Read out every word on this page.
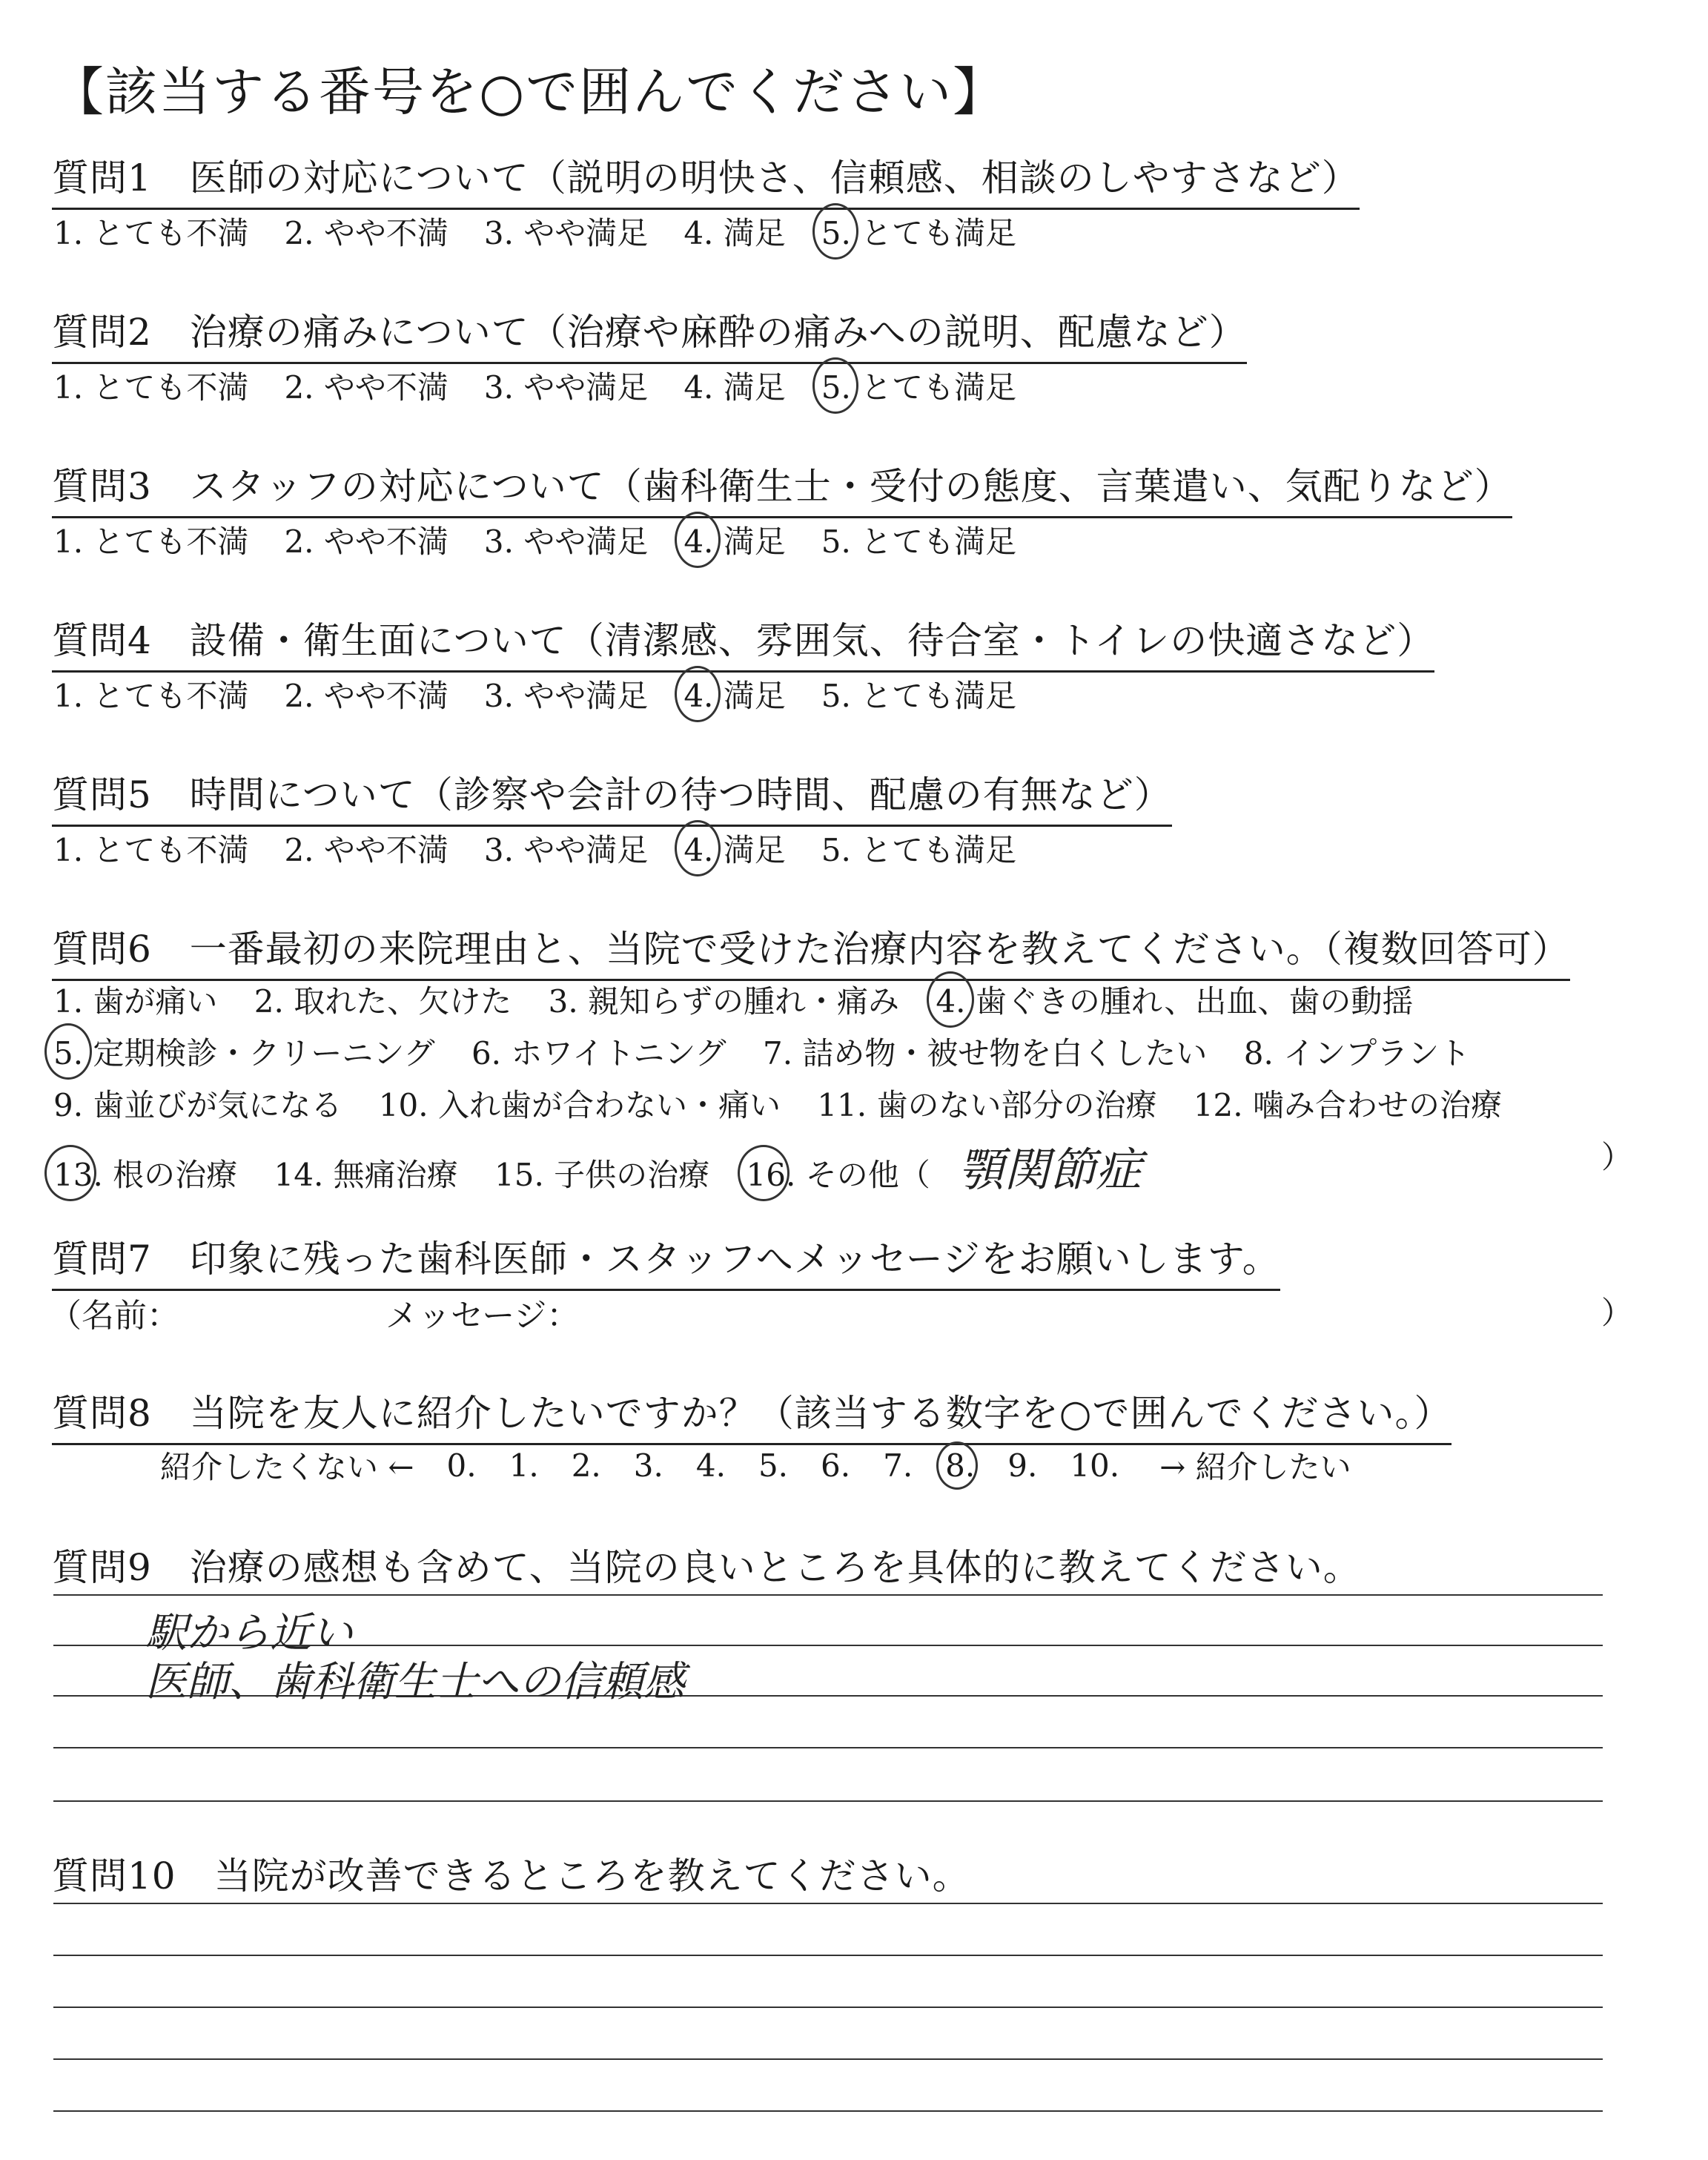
【該当する番号を○で囲んでください】
質問1　医師の対応について（説明の明快さ、信頼感、相談のしやすさなど）
1. とても不満 2. やや不満 3. やや満足 4. 満足 5. とても満足
質問2　治療の痛みについて（治療や麻酔の痛みへの説明、配慮など）
1. とても不満 2. やや不満 3. やや満足 4. 満足 5. とても満足
質問3　スタッフの対応について（歯科衛生士・受付の態度、言葉遣い、気配りなど）
1. とても不満 2. やや不満 3. やや満足 4. 満足 5. とても満足
質問4　設備・衛生面について（清潔感、雰囲気、待合室・トイレの快適さなど）
1. とても不満 2. やや不満 3. やや満足 4. 満足 5. とても満足
質問5　時間について（診察や会計の待つ時間、配慮の有無など）
1. とても不満 2. やや不満 3. やや満足 4. 満足 5. とても満足
質問6　一番最初の来院理由と、当院で受けた治療内容を教えてください。（複数回答可）
1. 歯が痛い 2. 取れた、欠けた 3. 親知らずの腫れ・痛み 4. 歯ぐきの腫れ、出血、歯の動揺
5. 定期検診・クリーニング 6. ホワイトニング 7. 詰め物・被せ物を白くしたい 8. インプラント
9. 歯並びが気になる 10. 入れ歯が合わない・痛い 11. 歯のない部分の治療 12. 噛み合わせの治療
13. 根の治療 14. 無痛治療 15. 子供の治療 16. その他（ 顎関節症	）
質問7　印象に残った歯科医師・スタッフへメッセージをお願いします。
（名前：	メッセージ：	）
質問8　当院を友人に紹介したいですか？（該当する数字を○で囲んでください。）
紹介したくない ← 0. 1. 2. 3. 4. 5. 6. 7. 8. 9. 10. → 紹介したい
質問9　治療の感想も含めて、当院の良いところを具体的に教えてください。
駅から近い
医師、歯科衛生士への信頼感
質問10　当院が改善できるところを教えてください。
